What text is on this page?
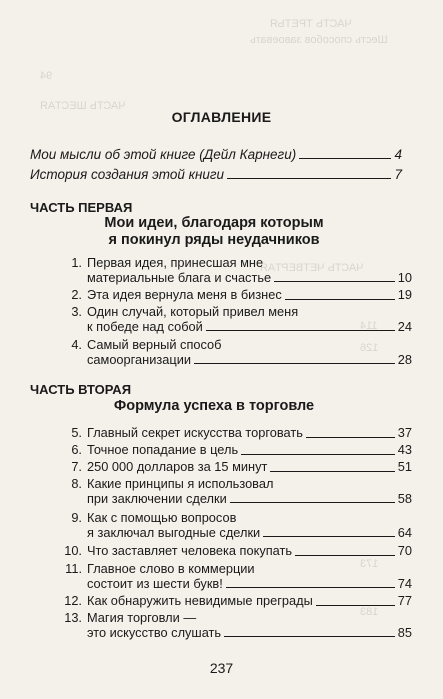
ЧАСТЬ ТРЕТЬЯ
Шесть способов завоевать
94
ЧАСТЬ ШЕСТАЯ
114
126
ЧАСТЬ ЧЕТВЕРТАЯ
173
183
ОГЛАВЛЕНИЕ
Мои мысли об этой книге (Дейл Карнеги)	4
История создания этой книги	7
ЧАСТЬ ПЕРВАЯ
Мои идеи, благодаря которым
я покинул ряды неудачников
1. Первая идея, принесшая мне
материальные блага и счастье	10
2. Эта идея вернула меня в бизнес	19
3. Один случай, который привел меня
к победе над собой	24
4. Самый верный способ
самоорганизации	28
ЧАСТЬ ВТОРАЯ
Формула успеха в торговле
5. Главный секрет искусства торговать	37
6. Точное попадание в цель	43
7. 250 000 долларов за 15 минут	51
8. Какие принципы я использовал
при заключении сделки	58
9. Как с помощью вопросов
я заключал выгодные сделки	64
10. Что заставляет человека покупать	70
11. Главное слово в коммерции
состоит из шести букв!	74
12. Как обнаружить невидимые преграды	77
13. Магия торговли —
это искусство слушать	85
237
